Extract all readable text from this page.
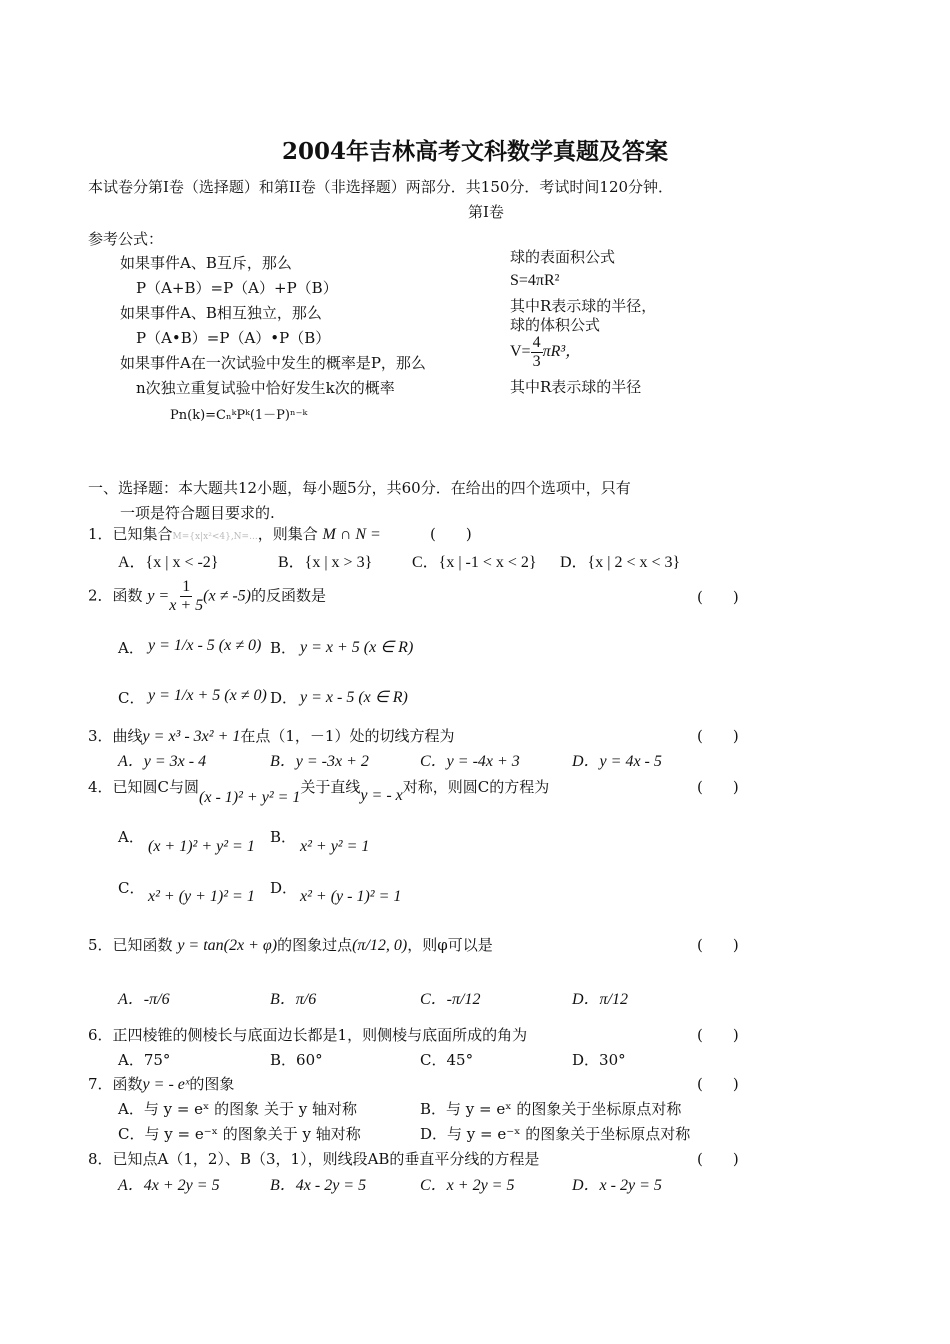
2004年吉林高考文科数学真题及答案
本试卷分第Ⅰ卷（选择题）和第II卷（非选择题）两部分．共150分．考试时间120分钟．
第Ⅰ卷
参考公式：
如果事件A、B互斥，那么
P（A+B）=P（A）+P（B）
如果事件A、B相互独立，那么
P（A•B）=P（A）•P（B）
如果事件A在一次试验中发生的概率是P，那么
n次独立重复试验中恰好发生k次的概率
Pn(k)=CₙᵏPᵏ(1－P)ⁿ⁻ᵏ
球的表面积公式
S=4πR²
其中R表示球的半径，
球的体积公式
$V= \frac{4}{3} \pi R^3$，
其中R表示球的半径
一、选择题：本大题共12小题，每小题5分，共60分．在给出的四个选项中，只有
一项是符合题目要求的.
1．已知集合M={x|x²<4},N=...，则集合 M ∩ N =	(　　)
A．{x | x < -2}	B．{x | x > 3} C．{x | -1 < x < 2} D．{x | 2 < x < 3}
2．函数 $y = \frac{1}{x + 5} (x \ne -5)$的反函数是	(　　)
A． y = 1/x - 5 (x ≠ 0) B． y = x + 5 (x ∈ R)
C． y = 1/x + 5 (x ≠ 0) D． y = x - 5 (x ∈ R)
3．曲线y = x³ - 3x² + 1在点（1，－1）处的切线方程为	(　　)
A．y = 3x - 4	B．y = -3x + 2	C．y = -4x + 3	D．y = 4x - 5
4．已知圆C与圆(x - 1)² + y² = 1关于直线y = - x对称，则圆C的方程为	(　　)
A．
(x + 1)² + y² = 1
B．
x² + y² = 1
C． x² + (y + 1)² = 1 D． x² + (y - 1)² = 1
5．已知函数 y = tan(2x + φ)的图象过点(π/12, 0)，则φ可以是	(　　)
A．-π/6	B．π/6	C．-π/12	D．π/12
6．正四棱锥的侧棱长与底面边长都是1，则侧棱与底面所成的角为	(　　)
A．75°	B．60°	C．45°	D．30°
7．函数y = - eˣ的图象	(　　)
A．与 y = eˣ 的图象 关于 y 轴对称	B．与 y = eˣ 的图象关于坐标原点对称
C．与 y = e⁻ˣ 的图象关于 y 轴对称	D．与 y = e⁻ˣ 的图象关于坐标原点对称
8．已知点A（1，2）、B（3，1），则线段AB的垂直平分线的方程是	(　　)
A．4x + 2y = 5	B．4x - 2y = 5	C．x + 2y = 5	D．x - 2y = 5
